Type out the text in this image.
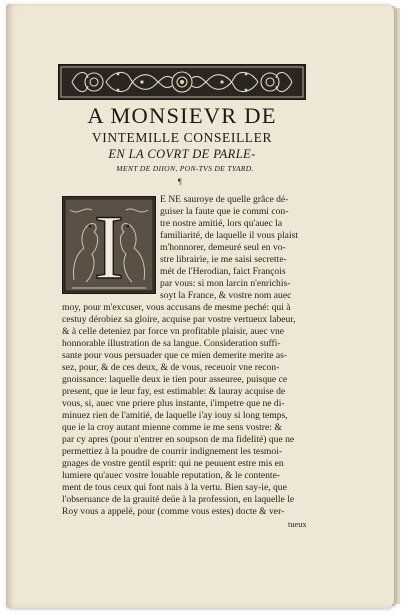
A MONSIEVR DE

VINTEMILLE CONSEILLER

EN LA COVRT DE PARLE-

MENT DE DIION, PON-TVS DE TYARD.

¶

I	E NE sauroye de quelle grâce dé-

guiser la faute que ie commi con-

tre nostre amitié, lors qu'auec la

familiarité, de laquelle il vous plaist

m'honnorer, demeuré seul en vo-

stre librairie, ie me saisi secrette-

mét de l'Herodian, faict François

par vous: si mon larcin n'enrichis-

soyt la France, & vostre nom auec

moy, pour m'excuser, vous accusans de mesme peché: qui à

cestuy dérobiez sa gloire, acquise par vostre vertueux labeur,

& à celle deteniez par force vn profitable plaisir, auec vne

honnorable illustration de sa langue. Consideration suffi-

sante pour vous persuader que ce mien demerite merite as-

sez, pour, & de ces deux, & de vous, receuoir vne recon-

gnoissance: laquelle deux ie tien pour asseuree, puisque ce

present, que ie leur fay, est estimable: & lauray acquise de

vous, si, auec vne priere plus instante, i'impetre que ne di-

minuez rien de l'amitié, de laquelle i'ay iouy si long temps,

que ie la croy autant mienne comme ie me sens vostre: &

par cy apres (pour n'entrer en soupson de ma fidelité) que ne

permettiez à la poudre de courrir indignement les tesmoi-

gnages de vostre gentil esprit: qui ne peuuent estre mis en

lumiere qu'auec vostre louable reputation, & le contente-

ment de tous ceux qui font nais à la vertu. Bien say-ie, que

l'obseruance de la grauité deüe à la profession, en laquelle le

Roy vous a appelé, pour (comme vous estes) docte & ver-

tueux
